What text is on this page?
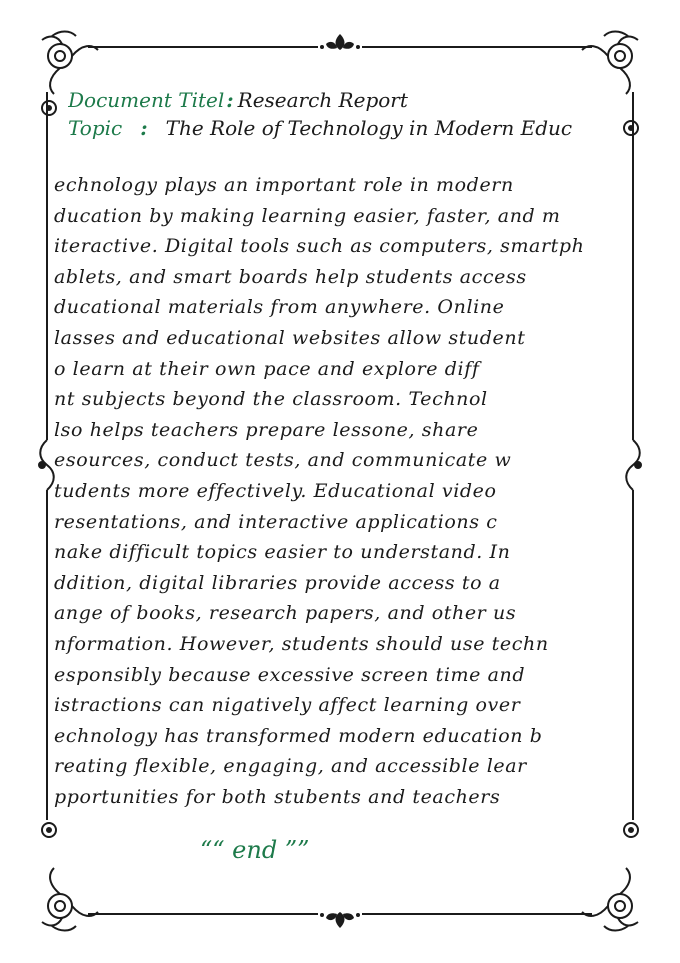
Document Titel : Research Report
Topic : The Role of Technology in Modern Educ
echnology plays an important role in modern
ducation by making learning easier, faster, and m
iteractive. Digital tools such as computers, smartph
ablets, and smart boards help students access
ducational materials from anywhere. Online
lasses and educational websites allow student
o learn at their own pace and explore diff
nt subjects beyond the classroom. Technol
lso helps teachers prepare lessone, share
esources, conduct tests, and communicate w
tudents more effectively. Educational video
resentations, and interactive applications c
nake difficult topics easier to understand. In
ddition, digital libraries provide access to a
ange of books, research papers, and other us
nformation. However, students should use techn
esponsibly because excessive screen time and
istractions can nigatively affect learning over
echnology has transformed modern education b
reating flexible, engaging, and accessible lear
pportunities for both stubents and teachers
““ end ””
